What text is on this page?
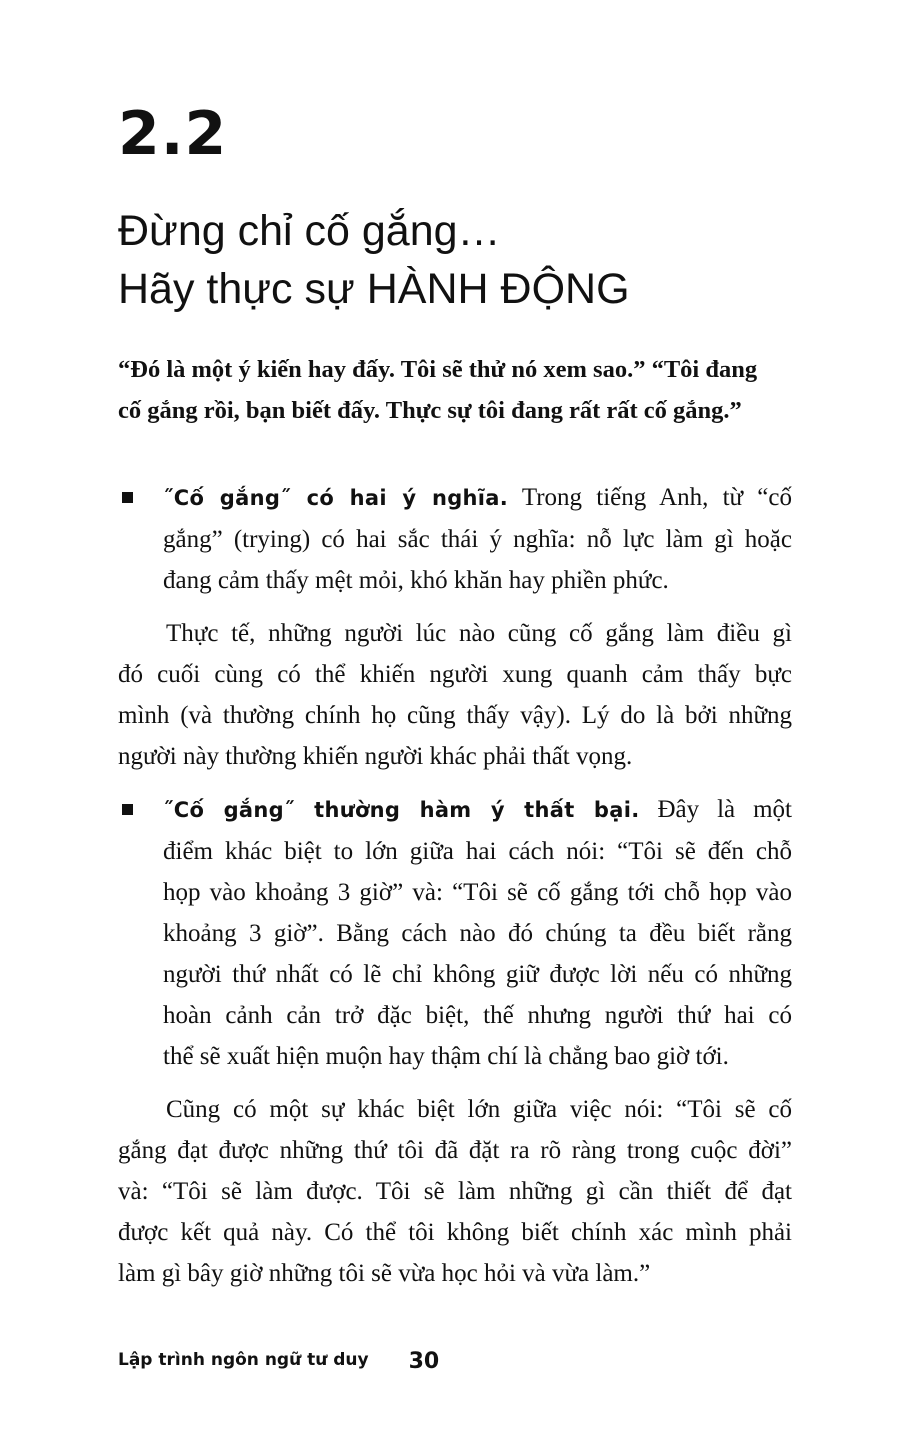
2.2
Đừng chỉ cố gắng…
Hãy thực sự HÀNH ĐỘNG
“Đó là một ý kiến hay đấy. Tôi sẽ thử nó xem sao.” “Tôi đang
cố gắng rồi, bạn biết đấy. Thực sự tôi đang rất rất cố gắng.”
˝Cố gắng˝ có hai ý nghĩa. Trong tiếng Anh, từ “cố
gắng” (trying) có hai sắc thái ý nghĩa: nỗ lực làm gì hoặc
đang cảm thấy mệt mỏi, khó khăn hay phiền phức.
Thực tế, những người lúc nào cũng cố gắng làm điều gì
đó cuối cùng có thể khiến người xung quanh cảm thấy bực
mình (và thường chính họ cũng thấy vậy). Lý do là bởi những
người này thường khiến người khác phải thất vọng.
˝Cố gắng˝ thường hàm ý thất bại. Đây là một
điểm khác biệt to lớn giữa hai cách nói: “Tôi sẽ đến chỗ
họp vào khoảng 3 giờ” và: “Tôi sẽ cố gắng tới chỗ họp vào
khoảng 3 giờ”. Bằng cách nào đó chúng ta đều biết rằng
người thứ nhất có lẽ chỉ không giữ được lời nếu có những
hoàn cảnh cản trở đặc biệt, thế nhưng người thứ hai có
thể sẽ xuất hiện muộn hay thậm chí là chẳng bao giờ tới.
Cũng có một sự khác biệt lớn giữa việc nói: “Tôi sẽ cố
gắng đạt được những thứ tôi đã đặt ra rõ ràng trong cuộc đời”
và: “Tôi sẽ làm được. Tôi sẽ làm những gì cần thiết để đạt
được kết quả này. Có thể tôi không biết chính xác mình phải
làm gì bây giờ những tôi sẽ vừa học hỏi và vừa làm.”
Lập trình ngôn ngữ tư duy 30
